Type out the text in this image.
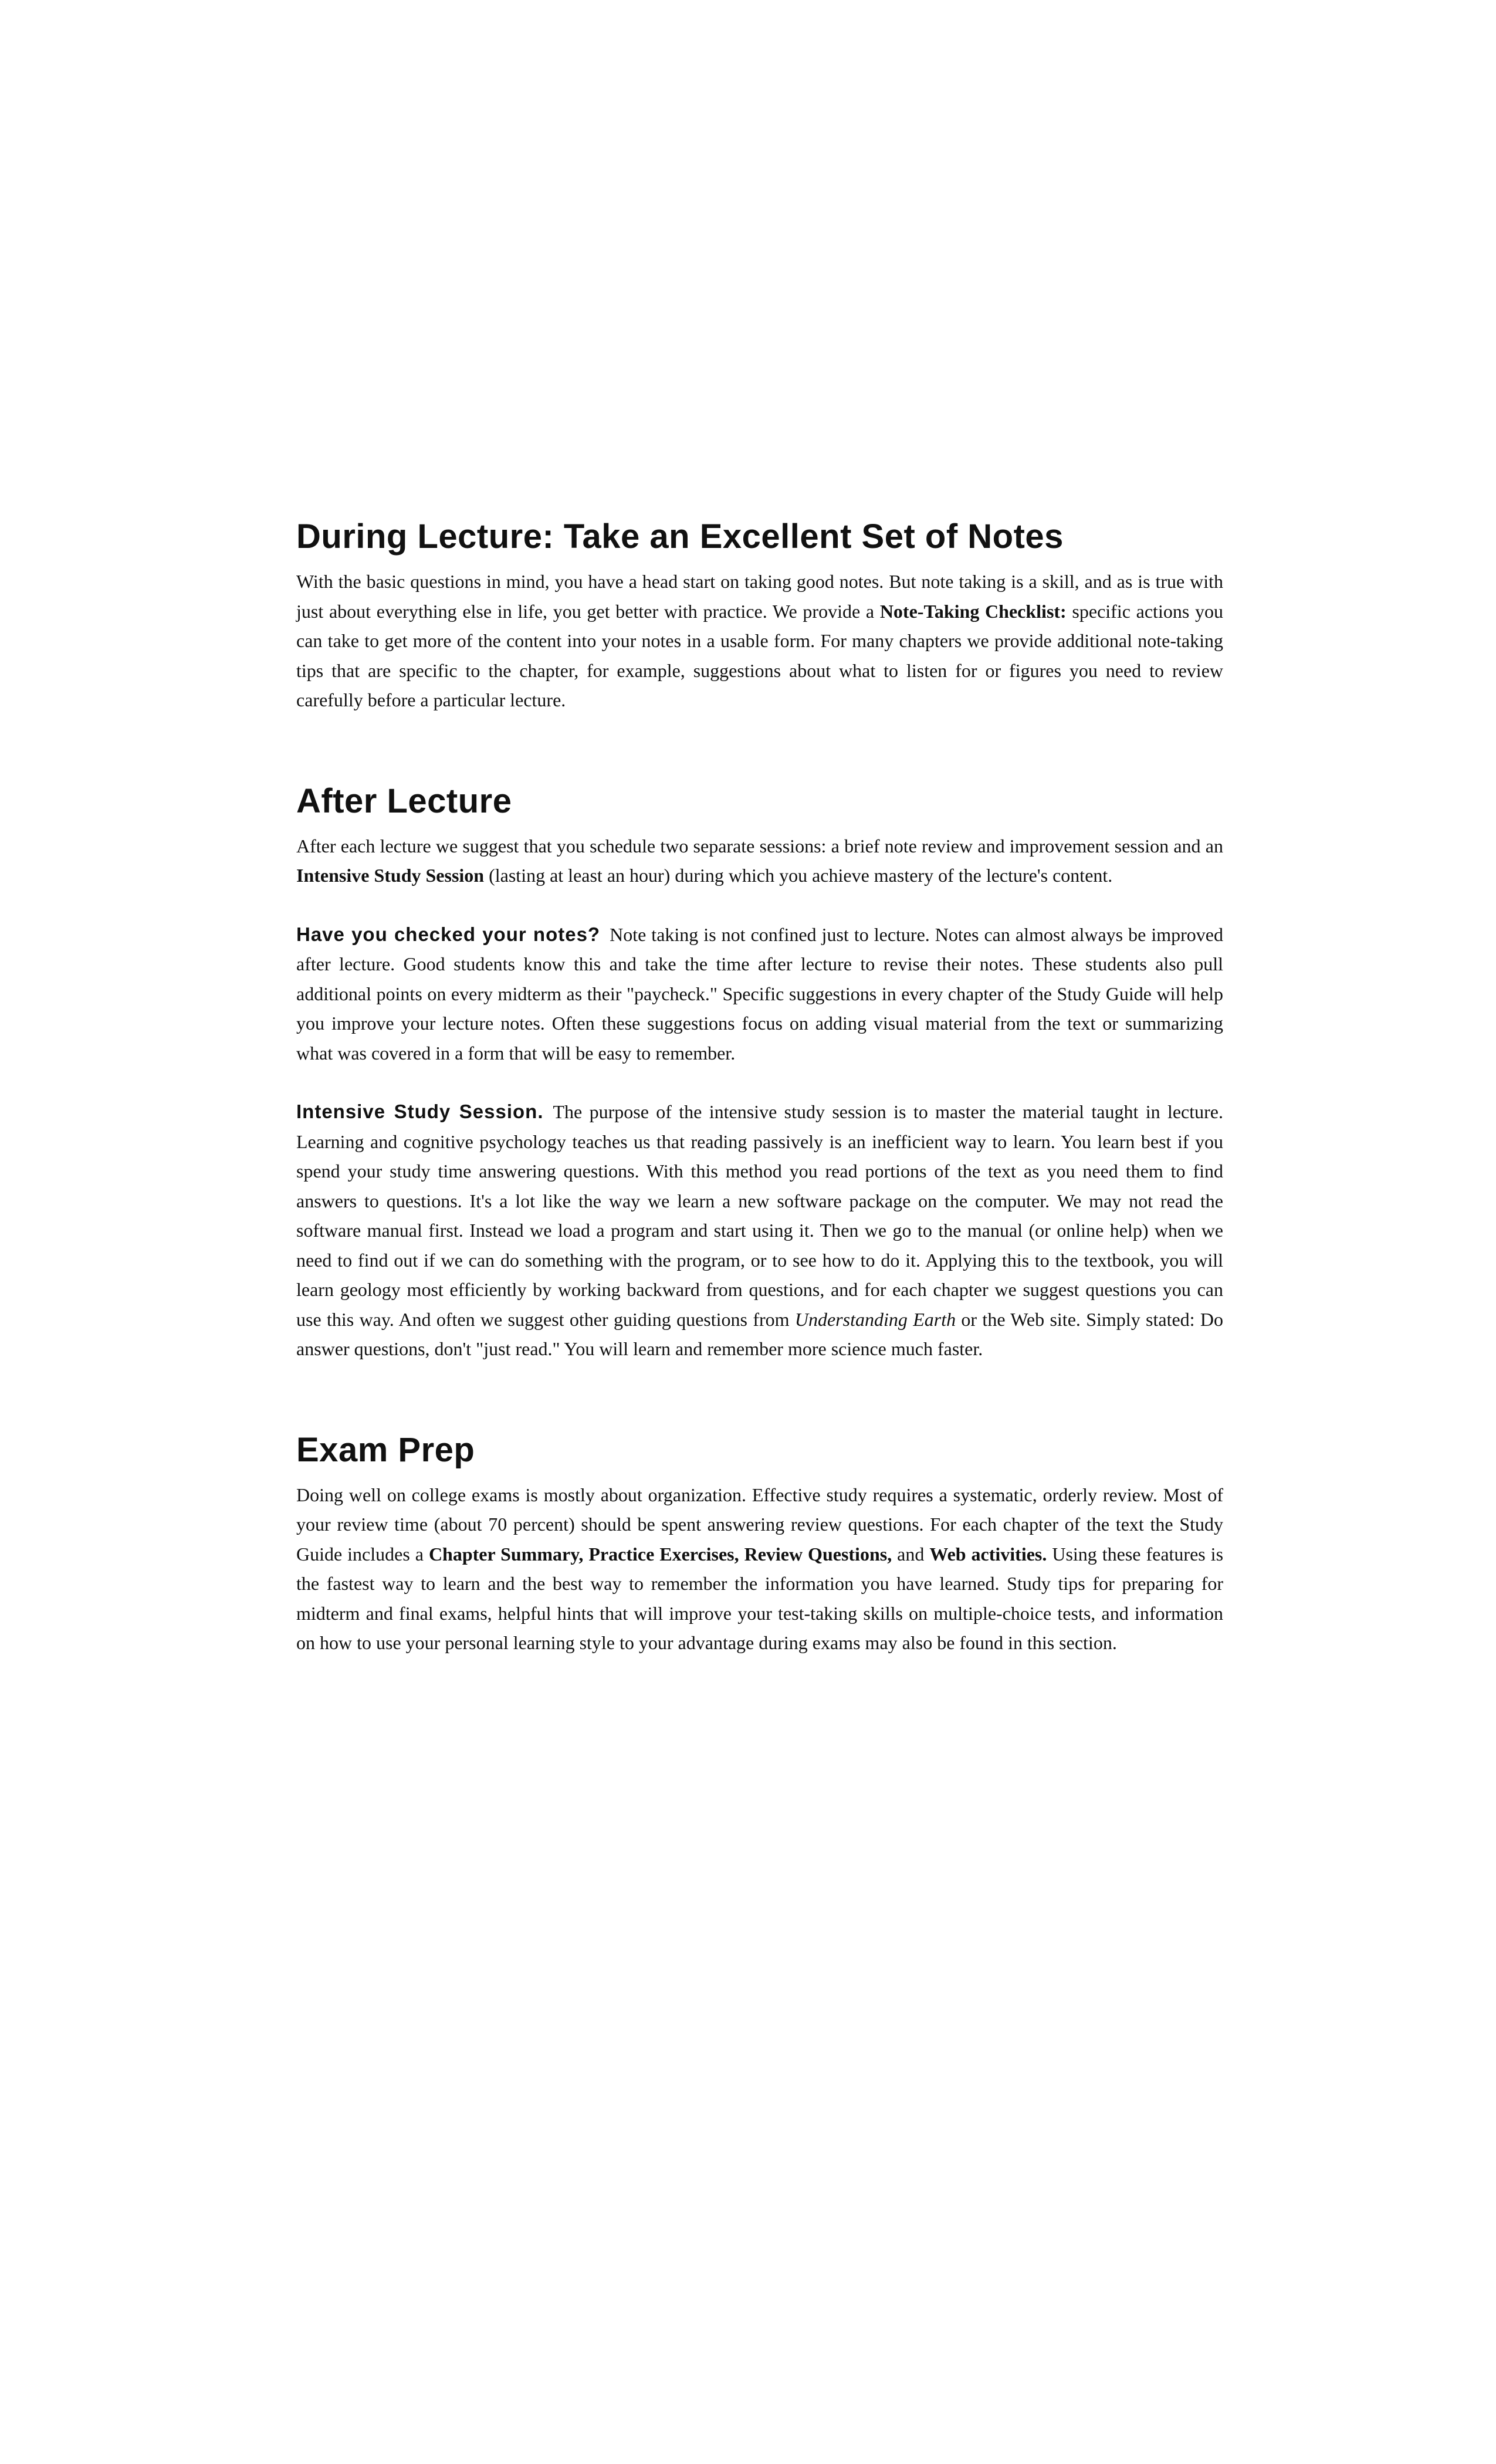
During Lecture: Take an Excellent Set of Notes

With the basic questions in mind, you have a head start on taking good notes. But note taking is a skill, and as is true with just about everything else in life, you get better with practice. We provide a Note-Taking Checklist: specific actions you can take to get more of the content into your notes in a usable form. For many chapters we provide additional note-taking tips that are specific to the chapter, for example, suggestions about what to listen for or figures you need to review carefully before a particular lecture.

After Lecture

After each lecture we suggest that you schedule two separate sessions: a brief note review and improvement session and an Intensive Study Session (lasting at least an hour) during which you achieve mastery of the lecture's content.

Have you checked your notes? Note taking is not confined just to lecture. Notes can almost always be improved after lecture. Good students know this and take the time after lecture to revise their notes. These students also pull additional points on every midterm as their "paycheck." Specific suggestions in every chapter of the Study Guide will help you improve your lecture notes. Often these suggestions focus on adding visual material from the text or summarizing what was covered in a form that will be easy to remember.

Intensive Study Session. The purpose of the intensive study session is to master the material taught in lecture. Learning and cognitive psychology teaches us that reading passively is an inefficient way to learn. You learn best if you spend your study time answering questions. With this method you read portions of the text as you need them to find answers to questions. It's a lot like the way we learn a new software package on the computer. We may not read the software manual first. Instead we load a program and start using it. Then we go to the manual (or online help) when we need to find out if we can do something with the program, or to see how to do it. Applying this to the textbook, you will learn geology most efficiently by working backward from questions, and for each chapter we suggest questions you can use this way. And often we suggest other guiding questions from Understanding Earth or the Web site. Simply stated: Do answer questions, don't "just read." You will learn and remember more science much faster.

Exam Prep

Doing well on college exams is mostly about organization. Effective study requires a systematic, orderly review. Most of your review time (about 70 percent) should be spent answering review questions. For each chapter of the text the Study Guide includes a Chapter Summary, Practice Exercises, Review Questions, and Web activities. Using these features is the fastest way to learn and the best way to remember the information you have learned. Study tips for preparing for midterm and final exams, helpful hints that will improve your test-taking skills on multiple-choice tests, and information on how to use your personal learning style to your advantage during exams may also be found in this section.
